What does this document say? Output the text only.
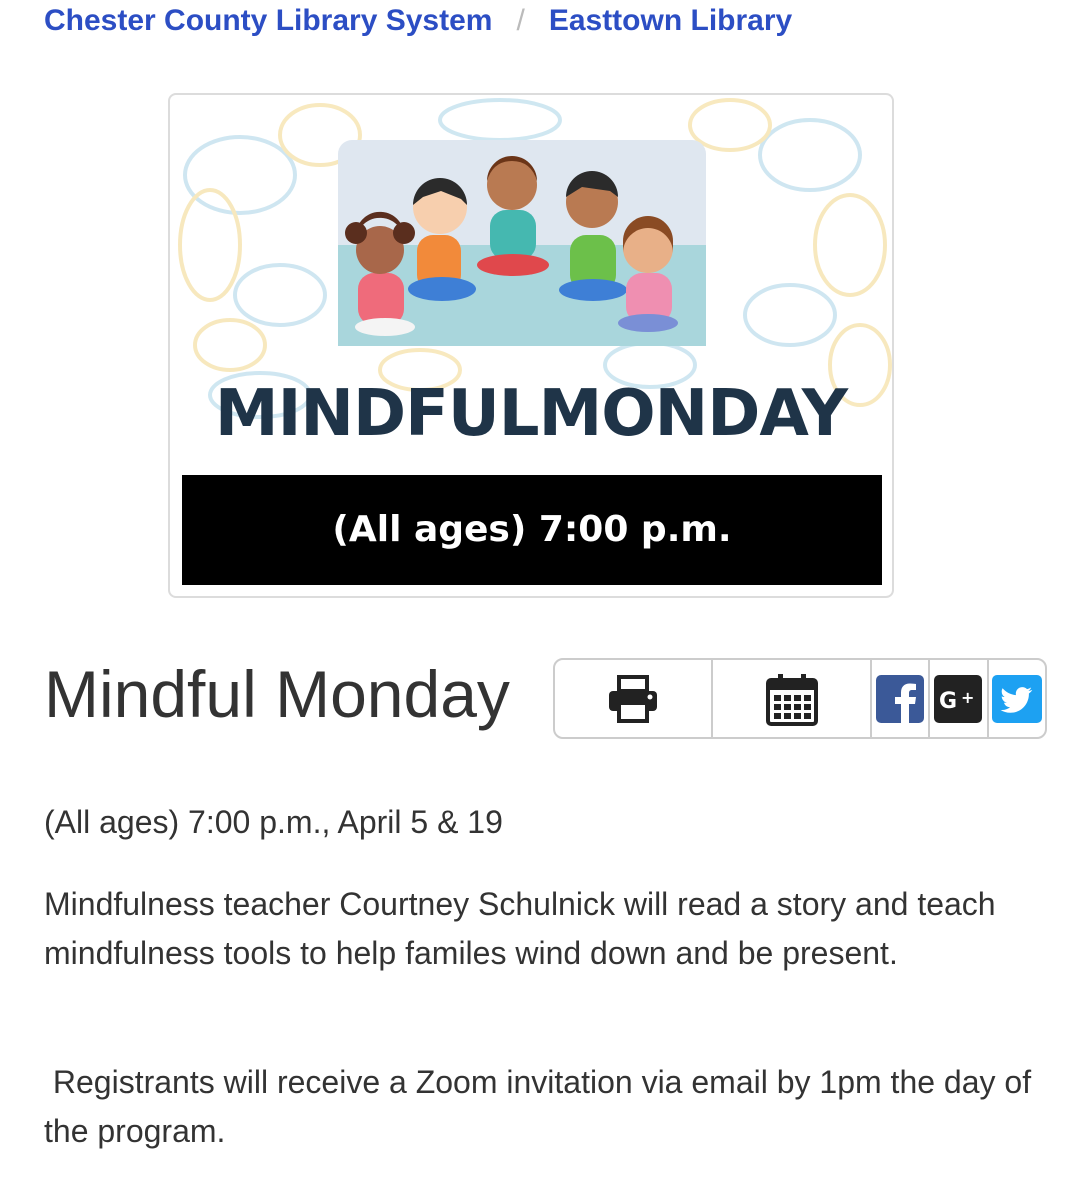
Chester County Library System / Easttown Library
MINDFULMONDAY
(All ages) 7:00 p.m.
Mindful Monday	G +

(All ages) 7:00 p.m., April 5 & 19

Mindfulness teacher Courtney Schulnick will read a story and teach mindfulness tools to help familes wind down and be present.

Registrants will receive a Zoom invitation via email by 1pm the day of the program.
